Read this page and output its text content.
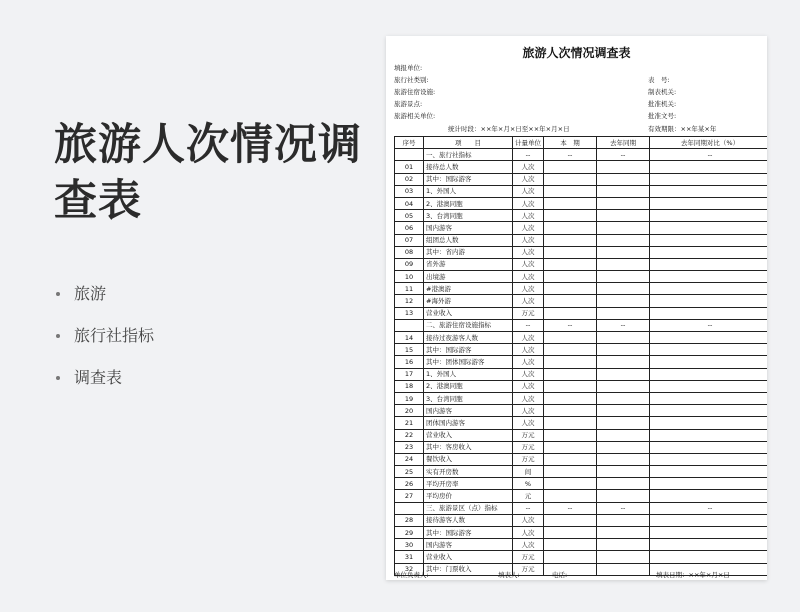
旅游人次情况调查表
旅游
旅行社指标
调查表
旅游人次情况调查表
填报单位:
旅行社类别:
旅游住宿设施:
旅游景点:
旅游相关单位:
表　号:
制表机关:
批准机关:
批准文号:
统计时段：××年×月×日至××年×月×日	有效期限：××年某×年
序号	项　　目	计量单位	本　期	去年同期	去年同期对比（%）
	一、旅行社指标	--	--	--	--
01	接待总人数	人次			
02	其中：国际游客	人次			
03	1、外国人	人次			
04	2、港澳同胞	人次			
05	3、台湾同胞	人次			
06	国内游客	人次			
07	组团总人数	人次			
08	其中：省内游	人次			
09	省外游	人次			
10	出境游	人次			
11	#港澳游	人次			
12	#海外游	人次			
13	营业收入	万元			
	二、旅游住宿设施指标	--	--	--	--
14	接待过夜游客人数	人次			
15	其中：国际游客	人次			
16	其中：团体国际游客	人次			
17	1、外国人	人次			
18	2、港澳同胞	人次			
19	3、台湾同胞	人次			
20	国内游客	人次			
21	团体国内游客	人次			
22	营业收入	万元			
23	其中：客房收入	万元			
24	餐饮收入	万元			
25	实有开房数	间			
26	平均开房率	%			
27	平均房价	元			
	三、旅游景区（点）指标	--	--	--	--
28	接待游客人数	人次			
29	其中：国际游客	人次			
30	国内游客	人次			
31	营业收入	万元			
32	其中：门票收入	万元			
单位负责人:	填表人:	电话:	填表日期：××年×月×日
